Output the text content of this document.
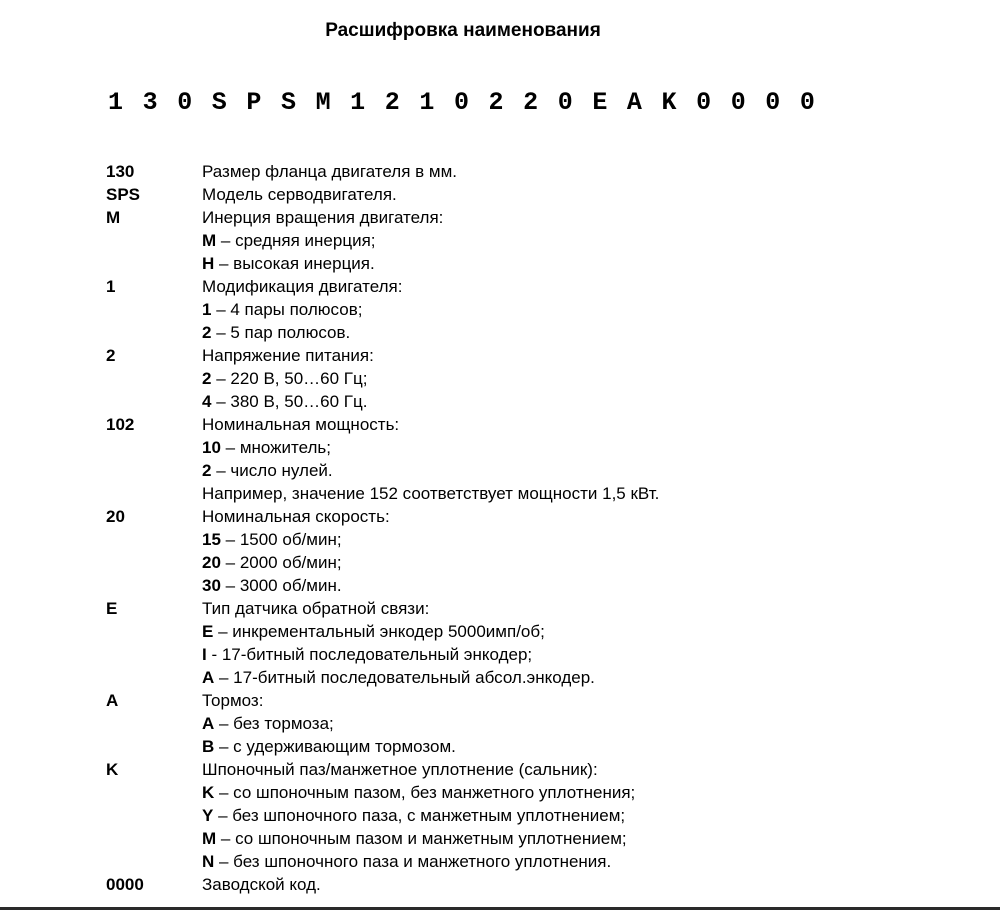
Расшифровка наименования
1 3 0 S P S M 1 2 1 0 2 2 0 E A K 0 0 0 0
130	Размер фланца двигателя в мм.
SPS	Модель серводвигателя.
M	Инерция вращения двигателя:
M – средняя инерция;
H – высокая инерция.
1	Модификация двигателя:
1 – 4 пары полюсов;
2 – 5 пар полюсов.
2	Напряжение питания:
2 – 220 В, 50…60 Гц;
4 – 380 В, 50…60 Гц.
102	Номинальная мощность:
10 – множитель;
2 – число нулей.
Например, значение 152 соответствует мощности 1,5 кВт.
20	Номинальная скорость:
15 – 1500 об/мин;
20 – 2000 об/мин;
30 – 3000 об/мин.
E	Тип датчика обратной связи:
E – инкрементальный энкодер 5000имп/об;
I - 17-битный последовательный энкодер;
A – 17-битный последовательный абсол.энкодер.
A	Тормоз:
A – без тормоза;
B – с удерживающим тормозом.
K	Шпоночный паз/манжетное уплотнение (сальник):
K – со шпоночным пазом, без манжетного уплотнения;
Y – без шпоночного паза, с манжетным уплотнением;
M – со шпоночным пазом и манжетным уплотнением;
N – без шпоночного паза и манжетного уплотнения.
0000	Заводской код.
